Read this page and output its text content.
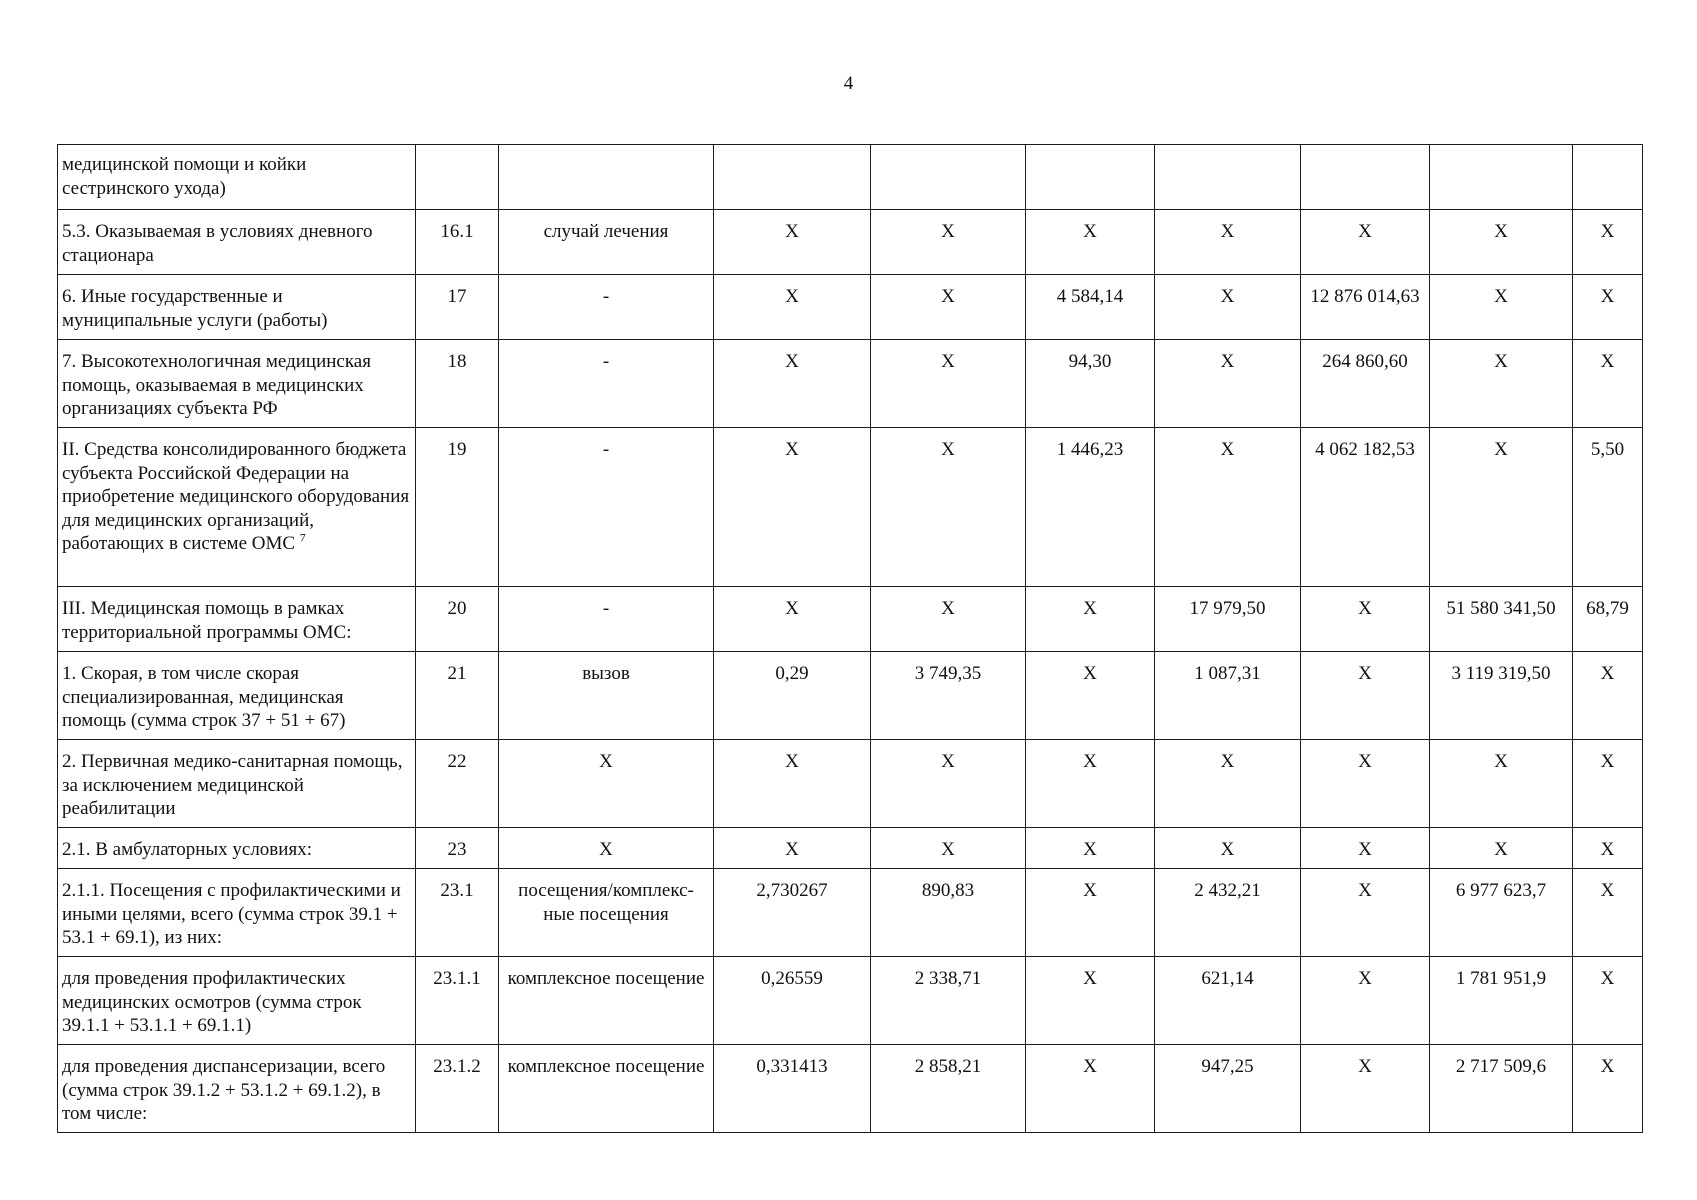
4
медицинской помощи и койки сестринского ухода)									
5.3. Оказываемая в условиях дневного стационара	16.1	случай лечения	X	X	X	X	X	X	X
6. Иные государственные и муниципальные услуги (работы)	17	-	X	X	4 584,14	X	12 876 014,63	X	X
7. Высокотехнологичная медицинская помощь, оказываемая в медицинских организациях субъекта РФ	18	-	X	X	94,30	X	264 860,60	X	X
II. Средства консолидированного бюджета субъекта Российской Федерации на приобретение медицинского оборудования для медицинских организаций, работающих в системе ОМС $^7$	19	-	X	X	1 446,23	X	4 062 182,53	X	5,50
III. Медицинская помощь в рамках территориальной программы ОМС:	20	-	X	X	X	17 979,50	X	51 580 341,50	68,79
1. Скорая, в том числе скорая специализированная, медицинская помощь (сумма строк 37 + 51 + 67)	21	вызов	0,29	3 749,35	X	1 087,31	X	3 119 319,50	X
2. Первичная медико-санитарная помощь, за исключением медицинской реабилитации	22	X	X	X	X	X	X	X	X
2.1. В амбулаторных условиях:	23	X	X	X	X	X	X	X	X
2.1.1. Посещения с профилактическими и иными целями, всего (сумма строк 39.1 + 53.1 + 69.1), из них:	23.1	посещения/комплекс-ные посещения	2,730267	890,83	X	2 432,21	X	6 977 623,7	X
для проведения профилактических медицинских осмотров (сумма строк 39.1.1 + 53.1.1 + 69.1.1)	23.1.1	комплексное посещение	0,26559	2 338,71	X	621,14	X	1 781 951,9	X
для проведения диспансеризации, всего (сумма строк 39.1.2 + 53.1.2 + 69.1.2), в том числе:	23.1.2	комплексное посещение	0,331413	2 858,21	X	947,25	X	2 717 509,6	X
